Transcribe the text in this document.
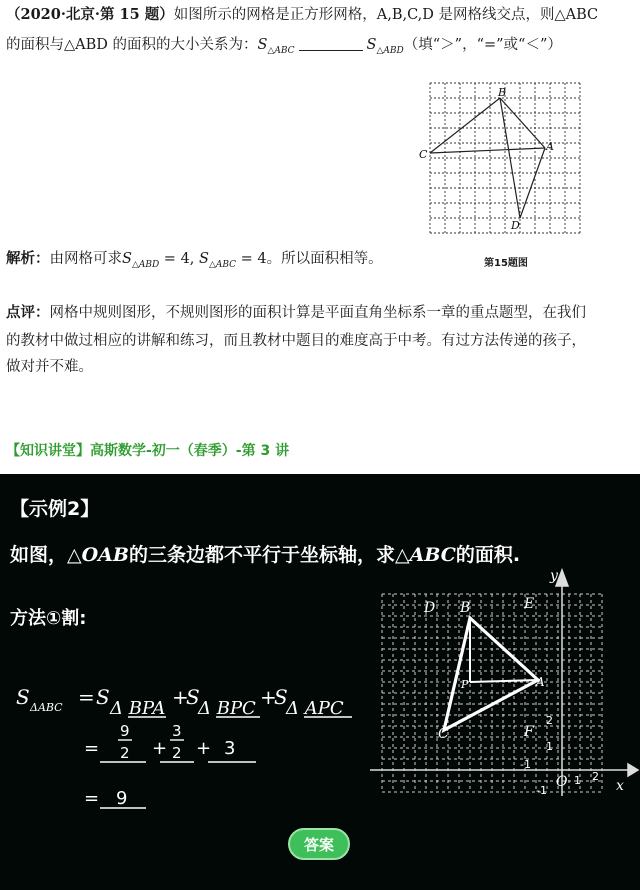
（2020·北京·第 15 题）如图所示的网格是正方形网格，A,B,C,D 是网格线交点，则△ABC

的面积与△ABD 的面积的大小关系为：$S_{\triangle ABC}$	$S_{\triangle ABD}$（填“＞”，“=”或“＜”）

B
A
C
D
第15题图

解析：由网格可求$S_{\triangle ABD} = 4$, $S_{\triangle ABC} = 4$。所以面积相等。

点评：网格中规则图形，不规则图形的面积计算是平面直角坐标系一章的重点题型，在我们

的教材中做过相应的讲解和练习，而且教材中题目的难度高于中考。有过方法传递的孩子，

做对并不难。

【知识讲堂】高斯数学-初一（春季）-第 3 讲

【示例2】

如图，△OAB的三条边都不平行于坐标轴，求△ABC的面积.

方法①割:

S ΔABC = S Δ BPA +
S
Δ BPC +
S
Δ APC
=
9
2 +
3
2 + 3
= 9
y
x
D B	E
P	A
C	F
O
2
1
-1
-1
1 2
答案
